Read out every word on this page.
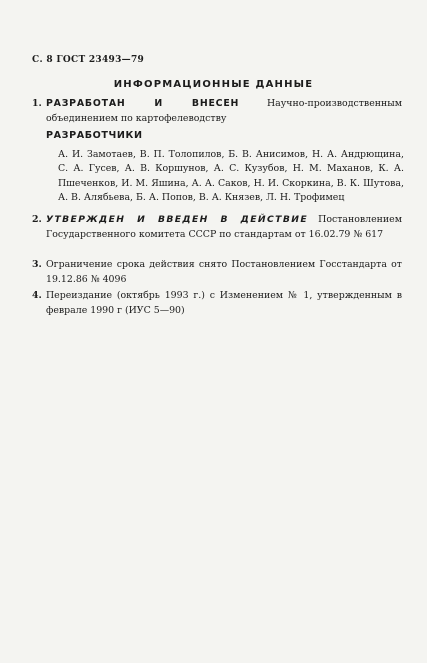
С. 8 ГОСТ 23493—79
ИНФОРМАЦИОННЫЕ ДАННЫЕ
1. РАЗРАБОТАН И ВНЕСЕН	Научно-производственным объединением по картофелеводству
РАЗРАБОТЧИКИ
А. И. Замотаев, В. П. Толопилов, Б. В. Анисимов, Н. А. Андрющина, С. А. Гусев, А. В. Коршунов, А. С. Кузубов, Н. М. Маханов, К. А. Пшеченков, И. М. Яшина, А. А. Саков, Н. И. Скоркина, В. К. Шутова, А. В. Алябьева, Б. А. Попов, В. А. Князев, Л. Н. Трофимец
2. УТВЕРЖДЕН И ВВЕДЕН В ДЕЙСТВИЕ Постановлением Государственного комитета СССР по стандартам от 16.02.79 № 617
3. Ограничение срока действия снято Постановлением Госстандарта от 19.12.86 № 4096
4. Переиздание (октябрь 1993 г.) с Изменением № 1, утвержденным в феврале 1990 г (ИУС 5—90)
